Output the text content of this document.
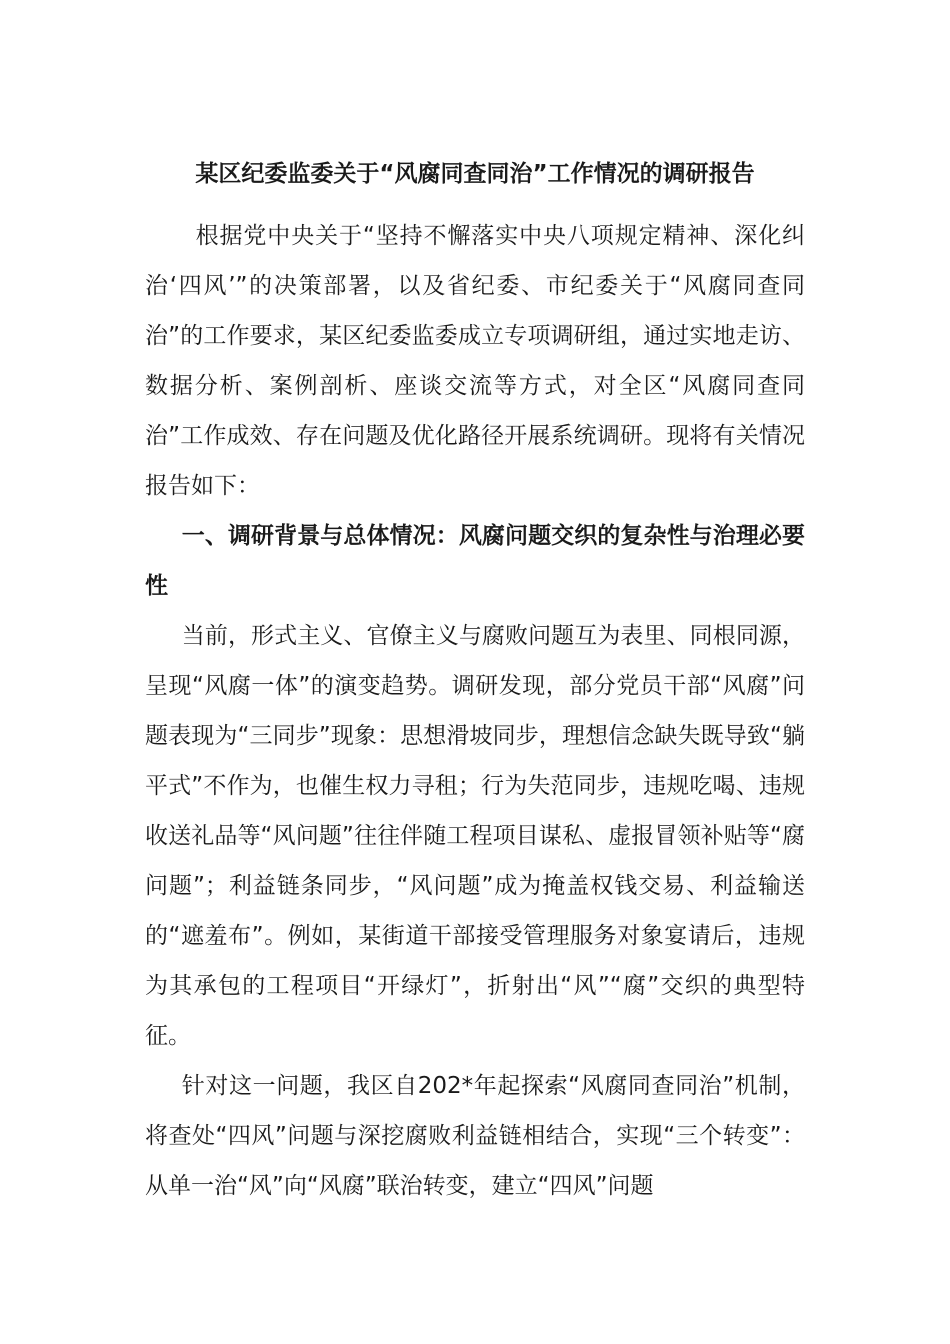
某区纪委监委关于“风腐同查同治”工作情况的调研报告

根据党中央关于“坚持不懈落实中央八项规定精神、深化纠治‘四风’”的决策部署，以及省纪委、市纪委关于“风腐同查同治”的工作要求，某区纪委监委成立专项调研组，通过实地走访、数据分析、案例剖析、座谈交流等方式，对全区“风腐同查同治”工作成效、存在问题及优化路径开展系统调研。现将有关情况报告如下：

一、调研背景与总体情况：风腐问题交织的复杂性与治理必要性

当前，形式主义、官僚主义与腐败问题互为表里、同根同源，呈现“风腐一体”的演变趋势。调研发现，部分党员干部“风腐”问题表现为“三同步”现象：思想滑坡同步，理想信念缺失既导致“躺平式”不作为，也催生权力寻租；行为失范同步，违规吃喝、违规收送礼品等“风问题”往往伴随工程项目谋私、虚报冒领补贴等“腐问题”；利益链条同步，“风问题”成为掩盖权钱交易、利益输送的“遮羞布”。例如，某街道干部接受管理服务对象宴请后，违规为其承包的工程项目“开绿灯”，折射出“风”“腐”交织的典型特征。

针对这一问题，我区自202*年起探索“风腐同查同治”机制，将查处“四风”问题与深挖腐败利益链相结合，实现“三个转变”：从单一治“风”向“风腐”联治转变，建立“四风”问题
